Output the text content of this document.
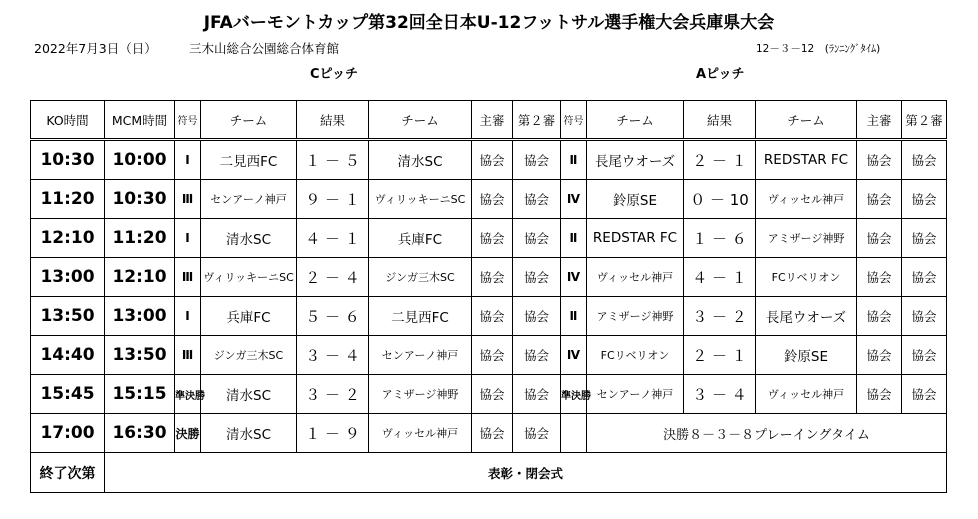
JFAバーモントカップ第32回全日本U-12フットサル選手権大会兵庫県大会
2022年7月3日（日）	三木山総合公園総合体育館	12－３－12　(ﾗﾝﾆﾝｸﾞﾀｲﾑ)
Cピッチ	Aピッチ
KO時間	MCM時間	符号	チーム	結果	チーム	主審	第２審	符号	チーム	結果	チーム	主審	第２審
10:30	10:00	Ⅰ	二見西FC	１ － ５	清水SC	協会	協会	Ⅱ	長尾ウオーズ	２ － １	REDSTAR FC	協会	協会
11:20	10:30	Ⅲ	センアーノ神戸	９ － １	ヴィリッキーニSC	協会	協会	Ⅳ	鈴原SE	０ － 10	ヴィッセル神戸	協会	協会
12:10	11:20	Ⅰ	清水SC	４ － １	兵庫FC	協会	協会	Ⅱ	REDSTAR FC	１ － ６	アミザージ神野	協会	協会
13:00	12:10	Ⅲ	ヴィリッキーニSC	２ － ４	ジンガ三木SC	協会	協会	Ⅳ	ヴィッセル神戸	４ － １	FCリベリオン	協会	協会
13:50	13:00	Ⅰ	兵庫FC	５ － ６	二見西FC	協会	協会	Ⅱ	アミザージ神野	３ － ２	長尾ウオーズ	協会	協会
14:40	13:50	Ⅲ	ジンガ三木SC	３ － ４	センアーノ神戸	協会	協会	Ⅳ	FCリベリオン	２ － １	鈴原SE	協会	協会
15:45	15:15	準決勝	清水SC	３ － ２	アミザージ神野	協会	協会	準決勝	センアーノ神戸	３ － ４	ヴィッセル神戸	協会	協会
17:00	16:30	決勝	清水SC	１ － ９	ヴィッセル神戸	協会	協会		決勝８－３－８プレーイングタイム				
終了次第	表彰・閉会式												
